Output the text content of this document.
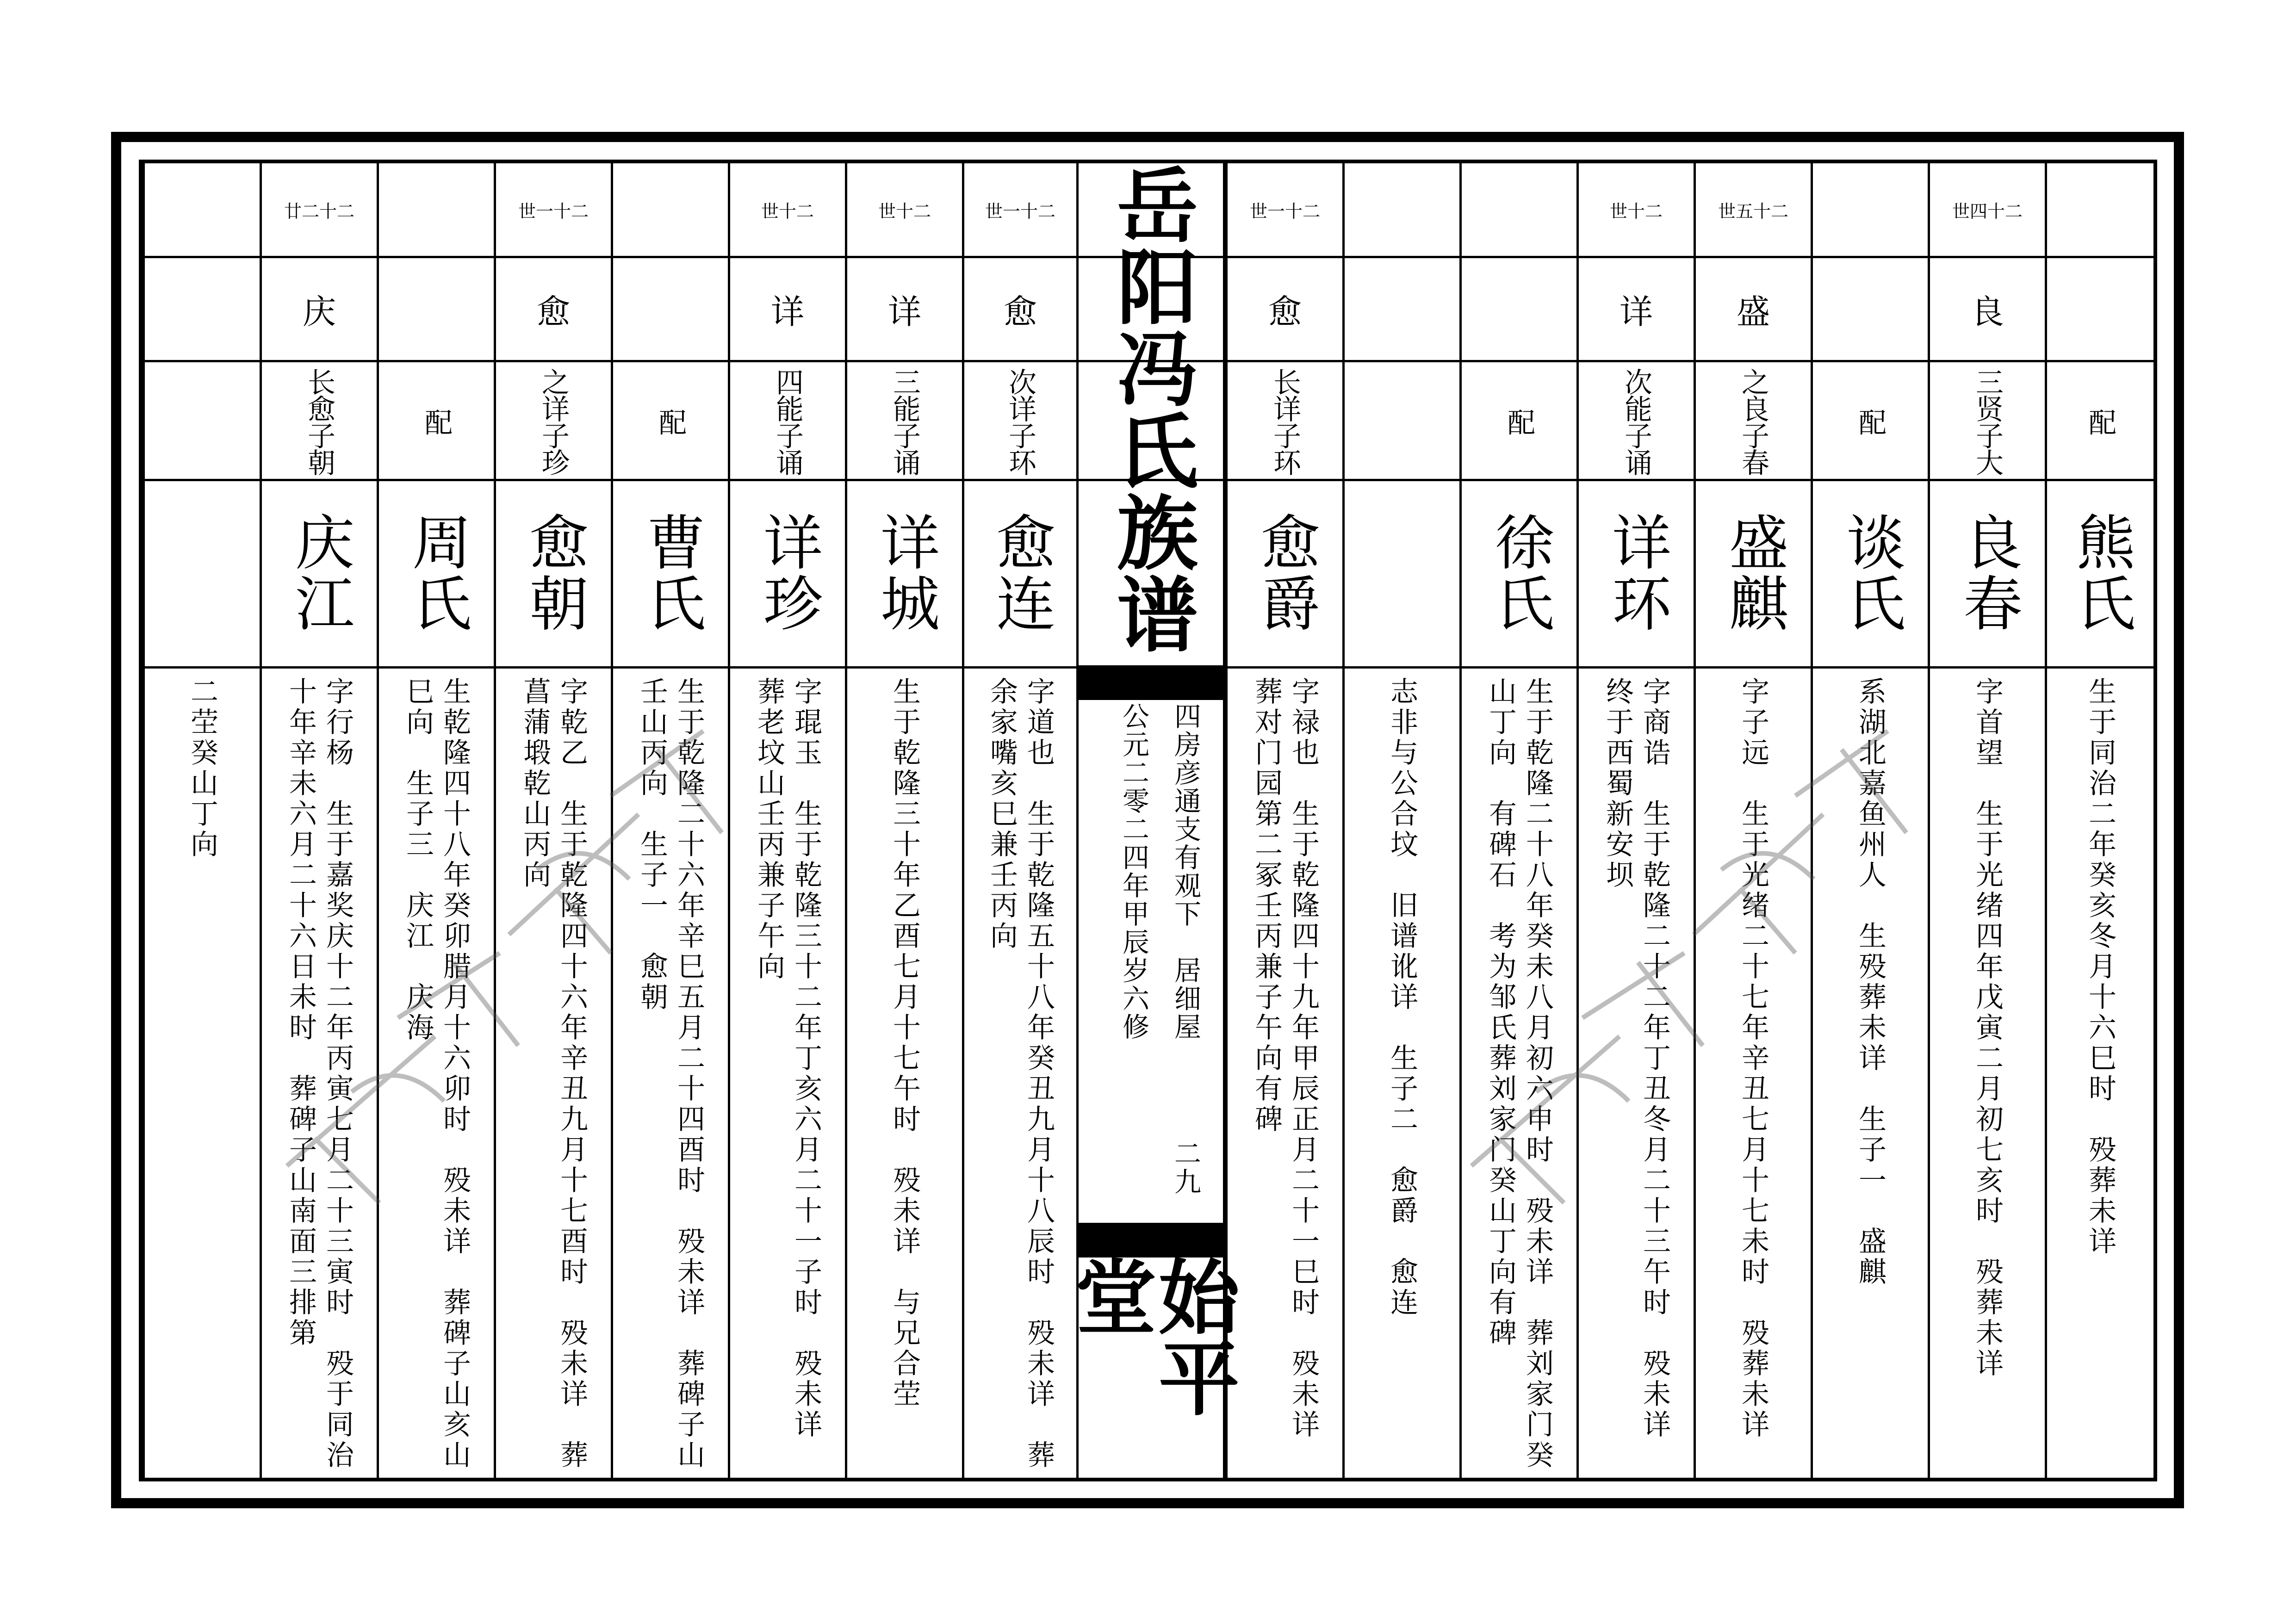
二茔癸山丁向
廿二十二
庆
长愈子朝
庆江
字行杨　生于嘉奖庆十二年丙寅七月二十三寅时　殁于同治十年辛未六月二十六日未时　葬碑子山南面三排第
配
周氏
生乾隆四十八年癸卯腊月十六卯时　殁未详　葬碑子山亥山巳向　生子三　庆江　庆海
世一十二
愈
之详子珍
愈朝
字乾乙　生于乾隆四十六年辛丑九月十七酉时　殁未详　葬菖蒲塅乾山丙向
配
曹氏
生于乾隆二十六年辛巳五月二十四酉时　殁未详　葬碑子山壬山丙向　生子一　愈朝
世十二
详
四能子诵
详珍
字琨玉　生于乾隆三十二年丁亥六月二十一子时　殁未详　葬老坟山壬丙兼子午向
世十二
详
三能子诵
详城
生于乾隆三十年乙酉七月十七午时　殁未详　与兄合茔
世一十二
愈
次详子环
愈连
字道也　生于乾隆五十八年癸丑九月十八辰时　殁未详　葬余家嘴亥巳兼壬丙向
岳阳冯氏族谱
四房彦通支有观下　居细屋
二九
公元二零二四年甲辰岁六修
始平堂
世一十二
愈
长详子环
愈爵
字禄也　生于乾隆四十九年甲辰正月二十一巳时　殁未详　葬对门园第二冢壬丙兼子午向有碑	志非与公合坟　旧谱讹详　生子二　愈爵　愈连
配
徐氏
生于乾隆二十八年癸未八月初六申时　殁未详　葬刘家门癸山丁向　有碑石　考为邹氏葬刘家门癸山丁向有碑
世十二
详
次能子诵
详环
字商诰　生于乾隆二十二年丁丑冬月二十三午时　殁未详　终于西蜀新安坝
世五十二
盛
之良子春
盛麒
字子远　生于光绪二十七年辛丑七月十七未时　殁葬未详
配
谈氏
系湖北嘉鱼州人　生殁葬未详　生子一　盛麒
世四十二
良
三贤子大
良春
字首望　生于光绪四年戊寅二月初七亥时　殁葬未详
配
熊氏
生于同治二年癸亥冬月十六巳时　殁葬未详
